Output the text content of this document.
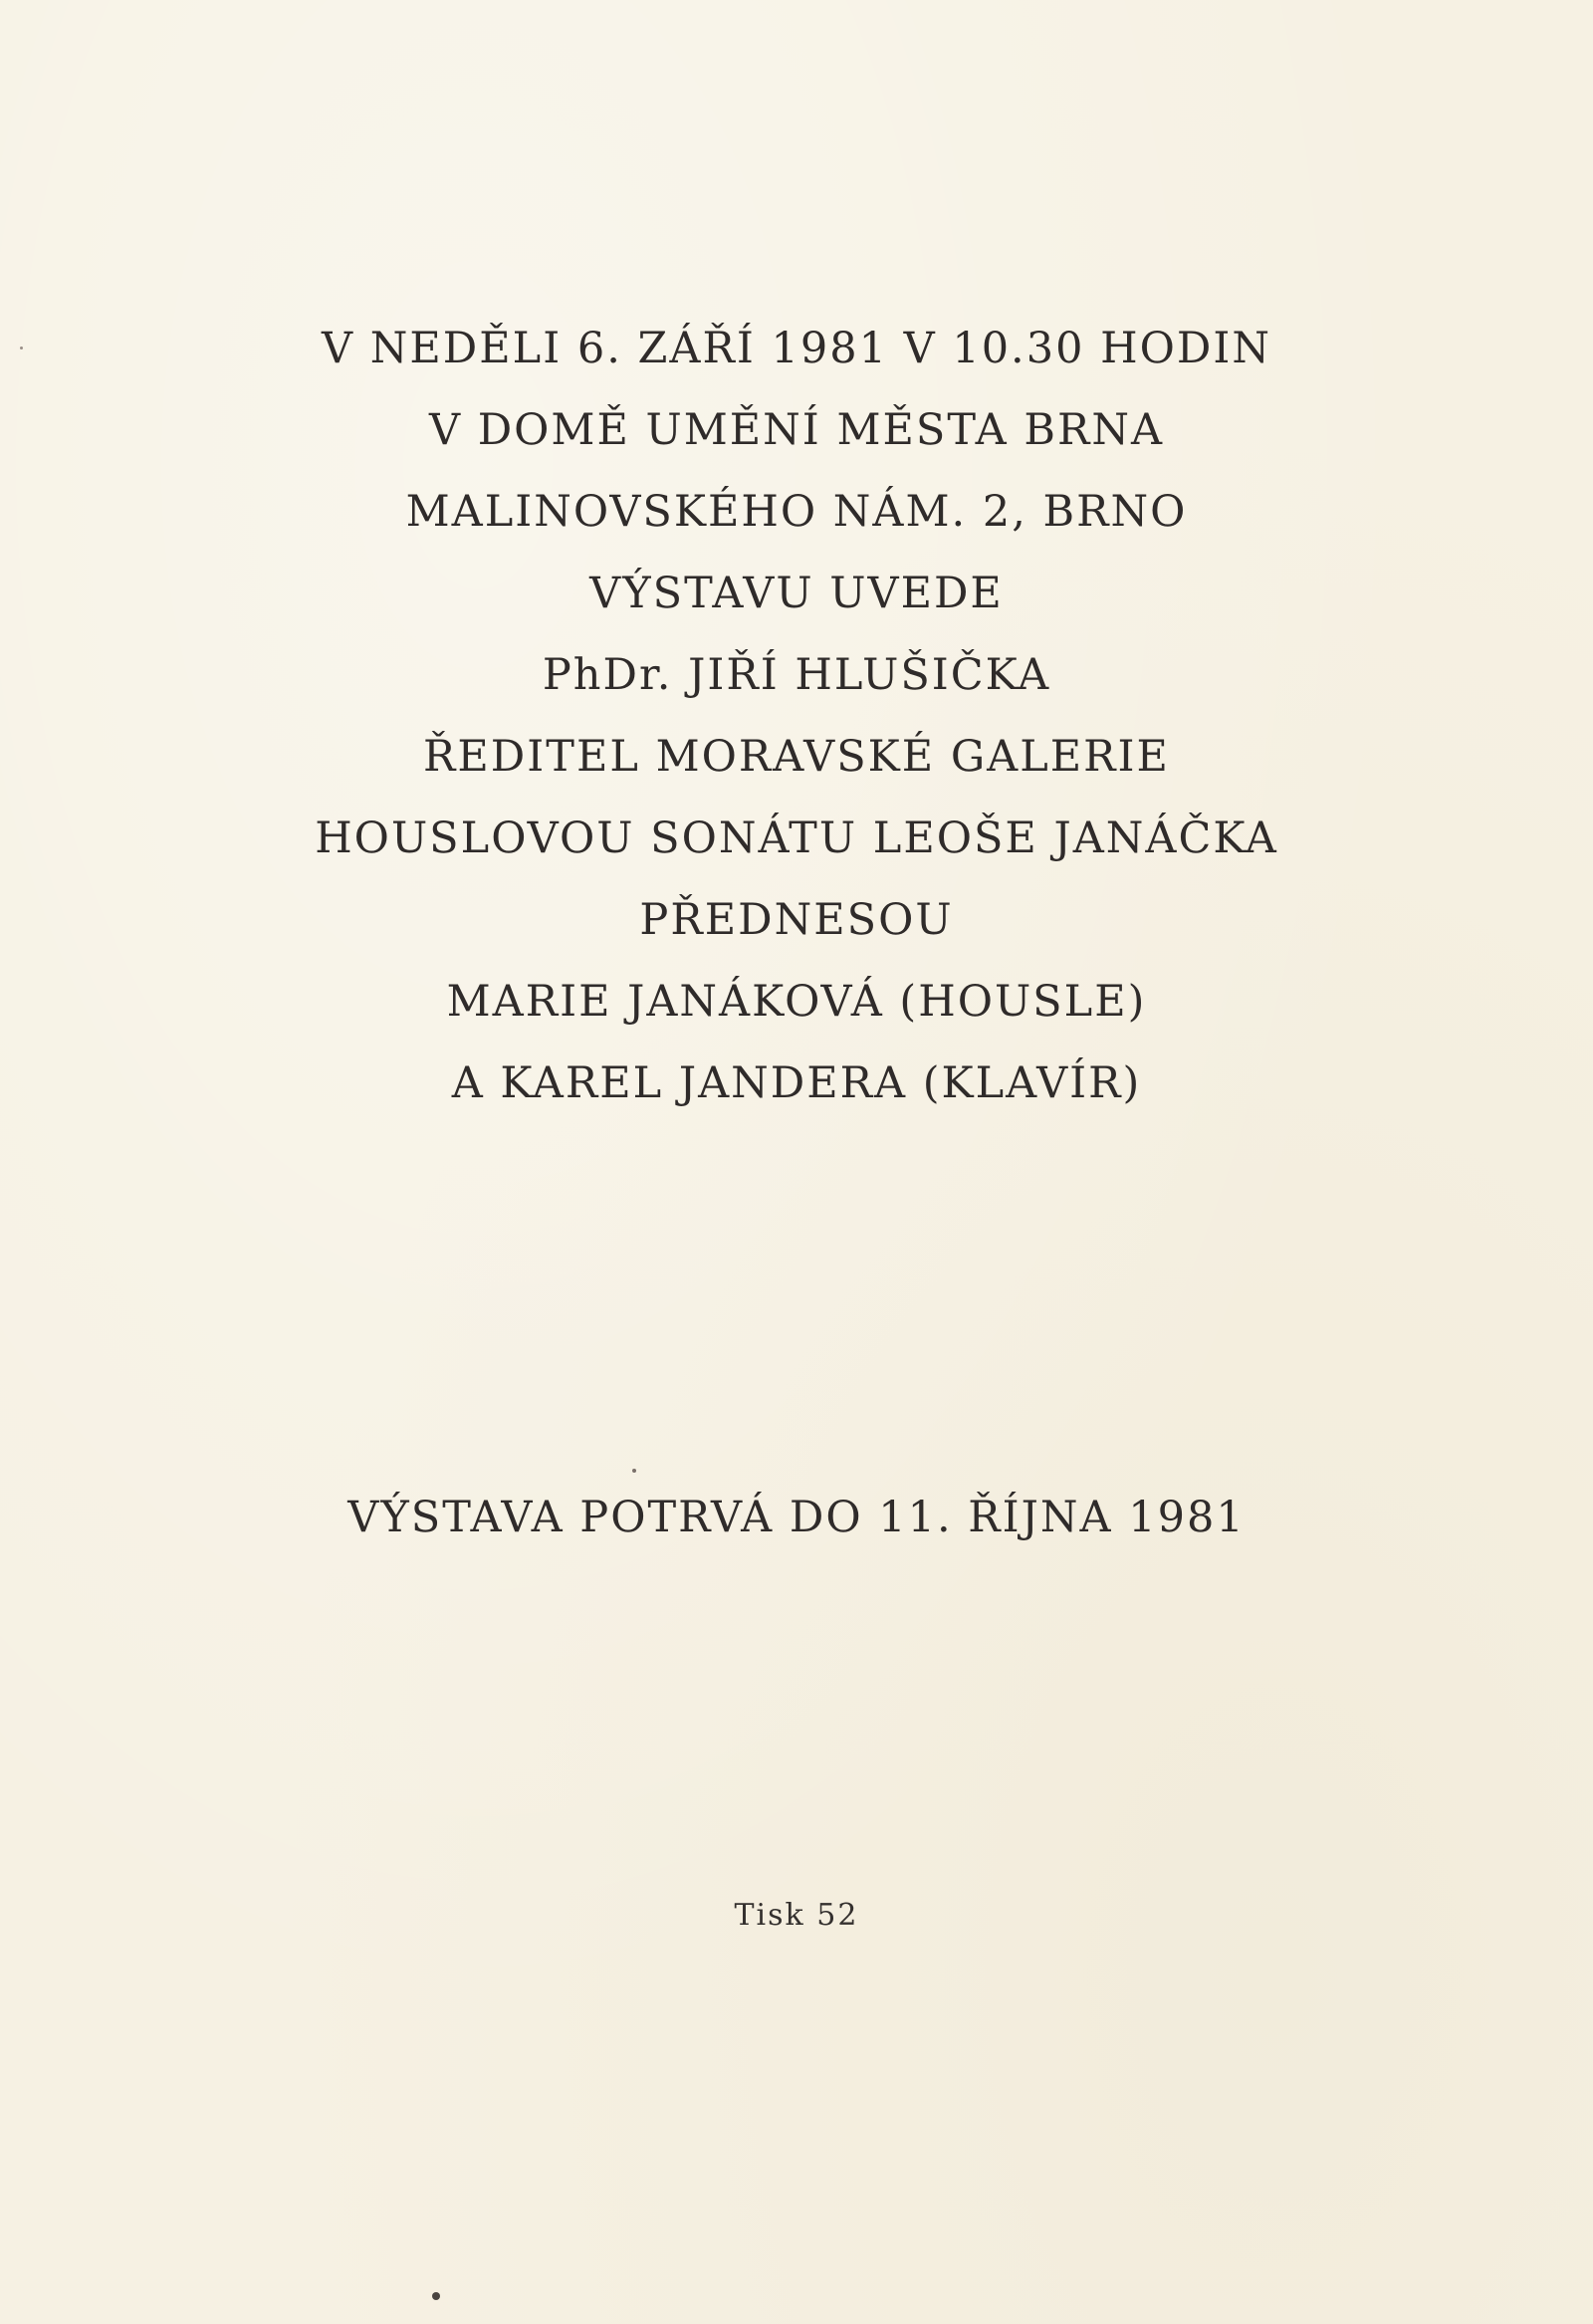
V NEDĚLI 6. ZÁŘÍ 1981 V 10.30 HODIN
V DOMĚ UMĚNÍ MĚSTA BRNA
MALINOVSKÉHO NÁM. 2, BRNO
VÝSTAVU UVEDE
PhDr. JIŘÍ HLUŠIČKA
ŘEDITEL MORAVSKÉ GALERIE
HOUSLOVOU SONÁTU LEOŠE JANÁČKA
PŘEDNESOU
MARIE JANÁKOVÁ (HOUSLE)
A KAREL JANDERA (KLAVÍR)
VÝSTAVA POTRVÁ DO 11. ŘÍJNA 1981
Tisk 52
